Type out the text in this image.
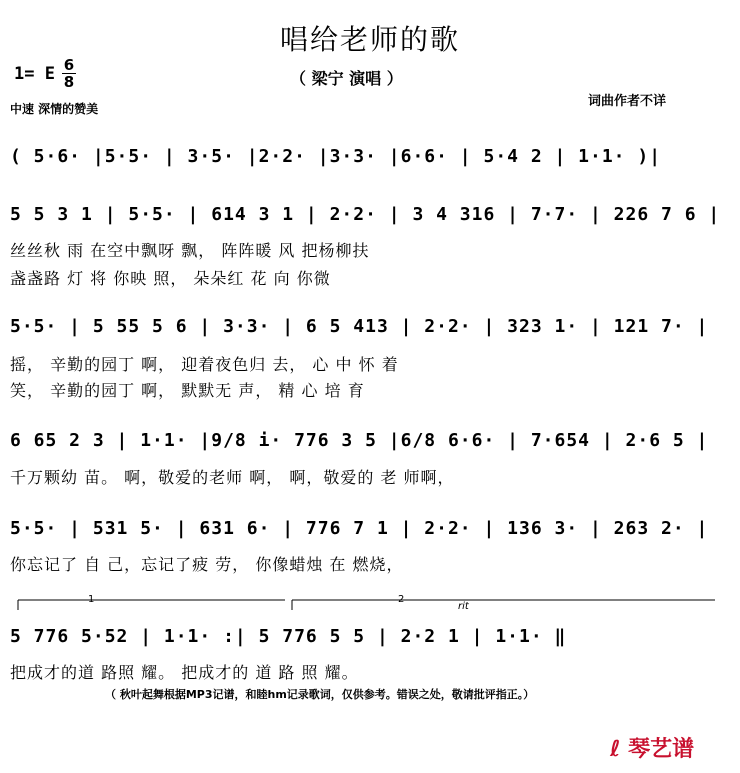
唱给老师的歌
1= E 6
8	（ 梁宁 演唱 ）
中速 深情的赞美	词曲作者不详
( 5·6· |5·5· | 3·5· |2·2· |3·3· |6·6· | 5·4 2 | 1·1· )|
5 5 3 1 | 5·5· | 614 3 1 | 2·2· | 3 4 316 | 7·7· | 226 7 6 |
丝丝秋 雨 在空中飘呀 飘， 阵阵暖 风 把杨柳扶
盏盏路 灯 将 你映 照， 朵朵红 花 向 你微
5·5· | 5 55 5 6 | 3·3· | 6 5 413 | 2·2· | 323 1· | 121 7· |
摇， 辛勤的园丁 啊， 迎着夜色归 去， 心 中 怀 着
笑， 辛勤的园丁 啊， 默默无 声， 精 心 培 育
6 65 2 3 | 1·1· |9/8 i· 776 3 5 |6/8 6·6· | 7·654 | 2·6 5 |
千万颗幼 苗。 啊，敬爱的老师 啊， 啊，敬爱的 老 师啊，
5·5· | 531 5· | 631 6· | 776 7 1 | 2·2· | 136 3· | 263 2· |
你忘记了 自 己，忘记了疲 劳， 你像蜡烛 在 燃烧，
1	2
rit
5 776 5·52 | 1·1· :| 5 776 5 5 | 2·2 1 | 1·1· ‖
把成才的道 路照 耀。 把成才的 道 路 照 耀。
（ 秋叶起舞根据MP3记谱，和睦hm记录歌词，仅供参考。错误之处，敬请批评指正。）
ℓ 琴艺谱
